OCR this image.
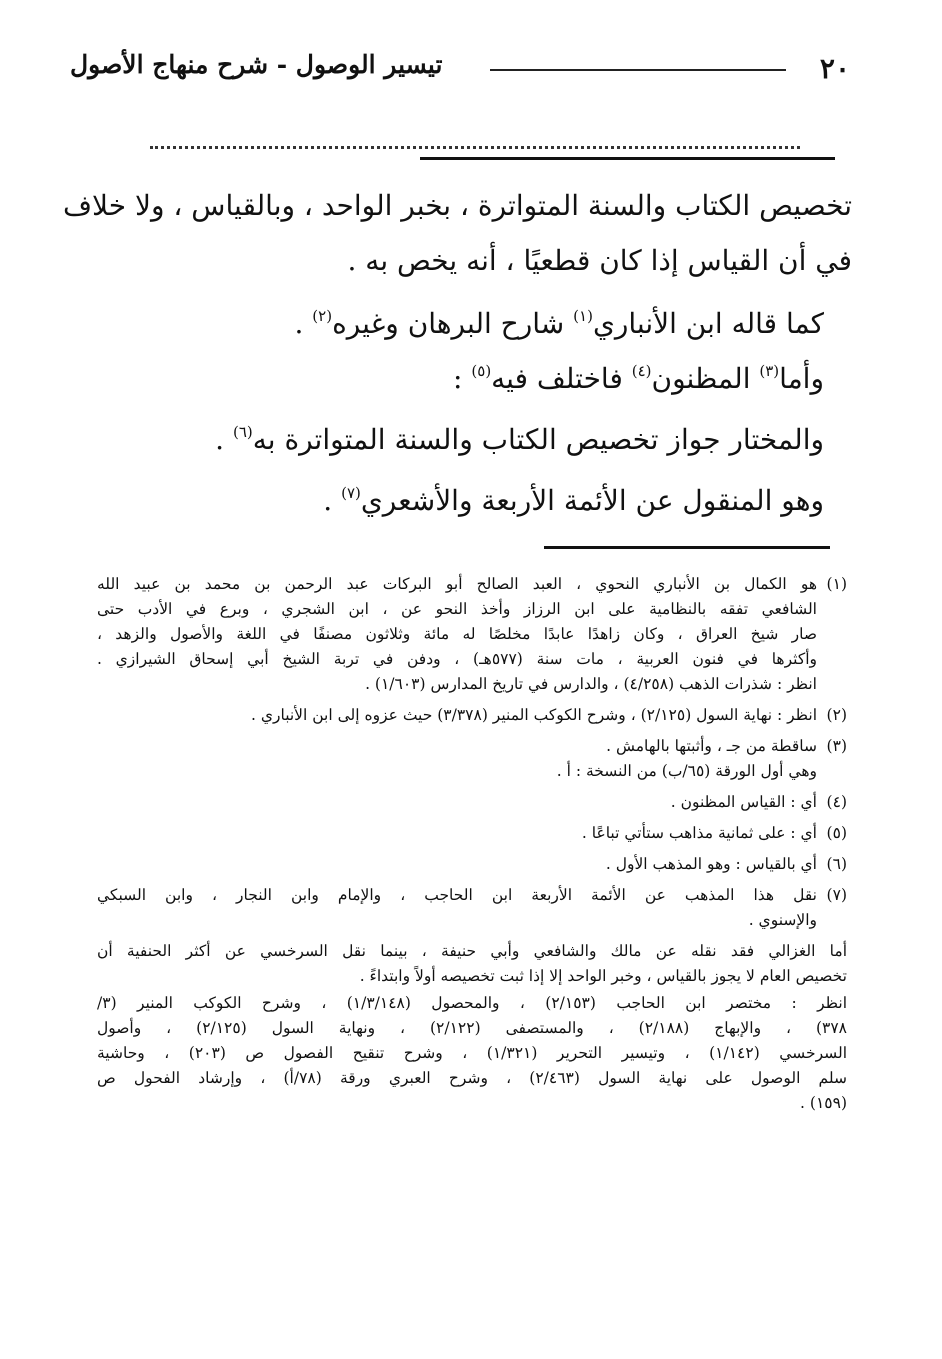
٢٠
تيسير الوصول - شرح منهاج الأصول
تخصيص الكتاب والسنة المتواترة ، بخبر الواحد ، وبالقياس ، ولا خلاف
في أن القياس إذا كان قطعيًا ، أنه يخص به .
كما قاله ابن الأنباري$^{(١)}$ شارح البرهان وغيره$^{(٢)}$ .
وأما$^{(٣)}$ المظنون$^{(٤)}$ فاختلف فيه$^{(٥)}$ :
والمختار جواز تخصيص الكتاب والسنة المتواترة به$^{(٦)}$ .
وهو المنقول عن الأئمة الأربعة والأشعري$^{(٧)}$ .
(١)
هو الكمال بن الأنباري النحوي ، العبد الصالح أبو البركات عبد الرحمن بن محمد بن عبيد الله
الشافعي تفقه بالنظامية على ابن الرزاز وأخذ النحو عن ، ابن الشجري ، وبرع في الأدب حتى
صار شيخ العراق ، وكان زاهدًا عابدًا مخلصًا له مائة وثلاثون مصنفًا في اللغة والأصول والزهد ،
وأكثرها في فنون العربية ، مات سنة (٥٧٧هـ) ، ودفن في تربة الشيخ أبي إسحاق الشيرازي .
انظر : شذرات الذهب (٤/٢٥٨) ، والدارس في تاريخ المدارس (١/٦٠٣) .
(٢)
انظر : نهاية السول (٢/١٢٥) ، وشرح الكوكب المنير (٣/٣٧٨) حيث عزوه إلى ابن الأنباري .
(٣)
ساقطة من جـ ، وأثبتها بالهامش .
وهي أول الورقة (٦٥/ب) من النسخة : أ .
(٤)
أي : القياس المظنون .
(٥)
أي : على ثمانية مذاهب ستأتي تباعًا .
(٦)
أي بالقياس : وهو المذهب الأول .
(٧)
نقل هذا المذهب عن الأئمة الأربعة ابن الحاجب ، والإمام وابن النجار ، وابن السبكي
والإسنوي .
أما الغزالي فقد نقله عن مالك والشافعي وأبي حنيفة ، بينما نقل السرخسي عن أكثر الحنفية أن
تخصيص العام لا يجوز بالقياس ، وخبر الواحد إلا إذا ثبت تخصيصه أولاً وابتداءً .
انظر : مختصر ابن الحاجب (٢/١٥٣) ، والمحصول (١/٣/١٤٨) ، وشرح الكوكب المنير (٣/
٣٧٨) ، والإبهاج (٢/١٨٨) ، والمستصفى (٢/١٢٢) ، ونهاية السول (٢/١٢٥) ، وأصول
السرخسي (١/١٤٢) ، وتيسير التحرير (١/٣٢١) ، وشرح تنقيح الفصول ص (٢٠٣) ، وحاشية
سلم الوصول على نهاية السول (٢/٤٦٣) ، وشرح العبري ورقة (٧٨/أ) ، وإرشاد الفحول ص
(١٥٩) .
